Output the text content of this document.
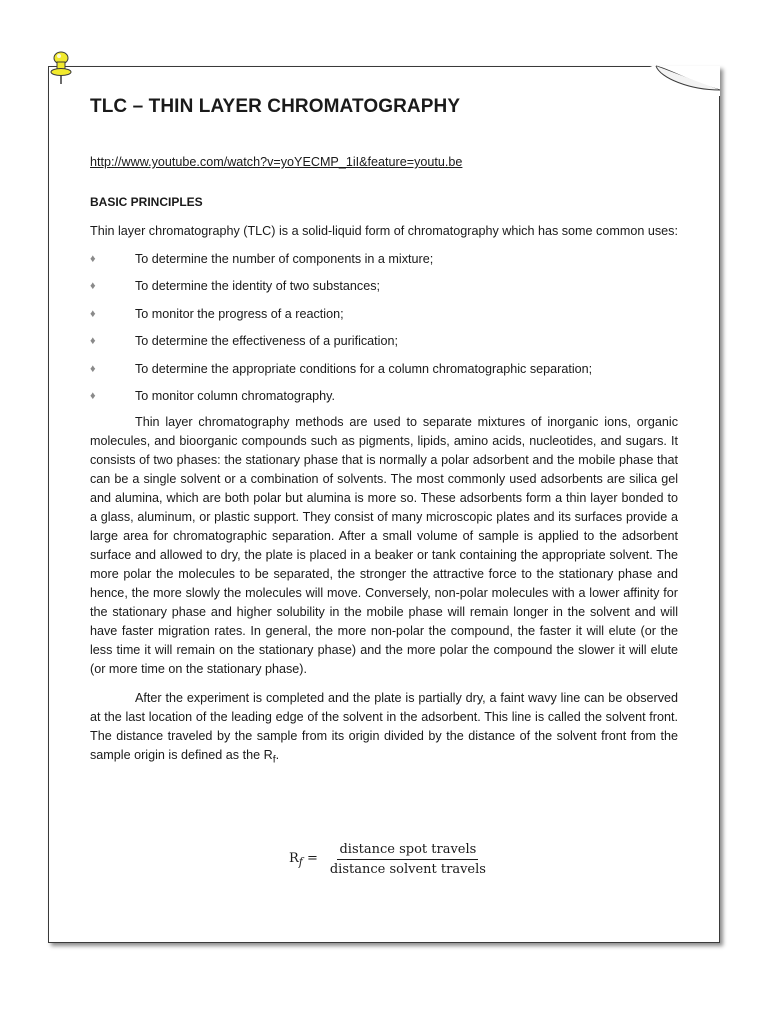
TLC – THIN LAYER CHROMATOGRAPHY
http://www.youtube.com/watch?v=yoYECMP_1iI&feature=youtu.be
BASIC PRINCIPLES

Thin layer chromatography (TLC) is a solid-liquid form of chromatography which has some common uses:

♦	To determine the number of components in a mixture;
♦	To determine the identity of two substances;
♦	To monitor the progress of a reaction;
♦	To determine the effectiveness of a purification;
♦	To determine the appropriate conditions for a column chromatographic separation;
♦	To monitor column chromatography.

Thin layer chromatography methods are used to separate mixtures of inorganic ions, organic molecules, and bioorganic compounds such as pigments, lipids, amino acids, nucleotides, and sugars. It consists of two phases: the stationary phase that is normally a polar adsorbent and the mobile phase that can be a single solvent or a combination of solvents. The most commonly used adsorbents are silica gel and alumina, which are both polar but alumina is more so. These adsorbents form a thin layer bonded to a glass, aluminum, or plastic support. They consist of many microscopic plates and its surfaces provide a large area for chromatographic separation. After a small volume of sample is applied to the adsorbent surface and allowed to dry, the plate is placed in a beaker or tank containing the appropriate solvent. The more polar the molecules to be separated, the stronger the attractive force to the stationary phase and hence, the more slowly the molecules will move. Conversely, non-polar molecules with a lower affinity for the stationary phase and higher solubility in the mobile phase will remain longer in the solvent and will have faster migration rates. In general, the more non-polar the compound, the faster it will elute (or the less time it will remain on the stationary phase) and the more polar the compound the slower it will elute (or more time on the stationary phase).

After the experiment is completed and the plate is partially dry, a faint wavy line can be observed at the last location of the leading edge of the solvent in the adsorbent. This line is called the solvent front. The distance traveled by the sample from its origin divided by the distance of the solvent front from the sample origin is defined as the $R_f$.

$R_f = \frac{\text{distance spot travels}}{\text{distance solvent travels}}$
